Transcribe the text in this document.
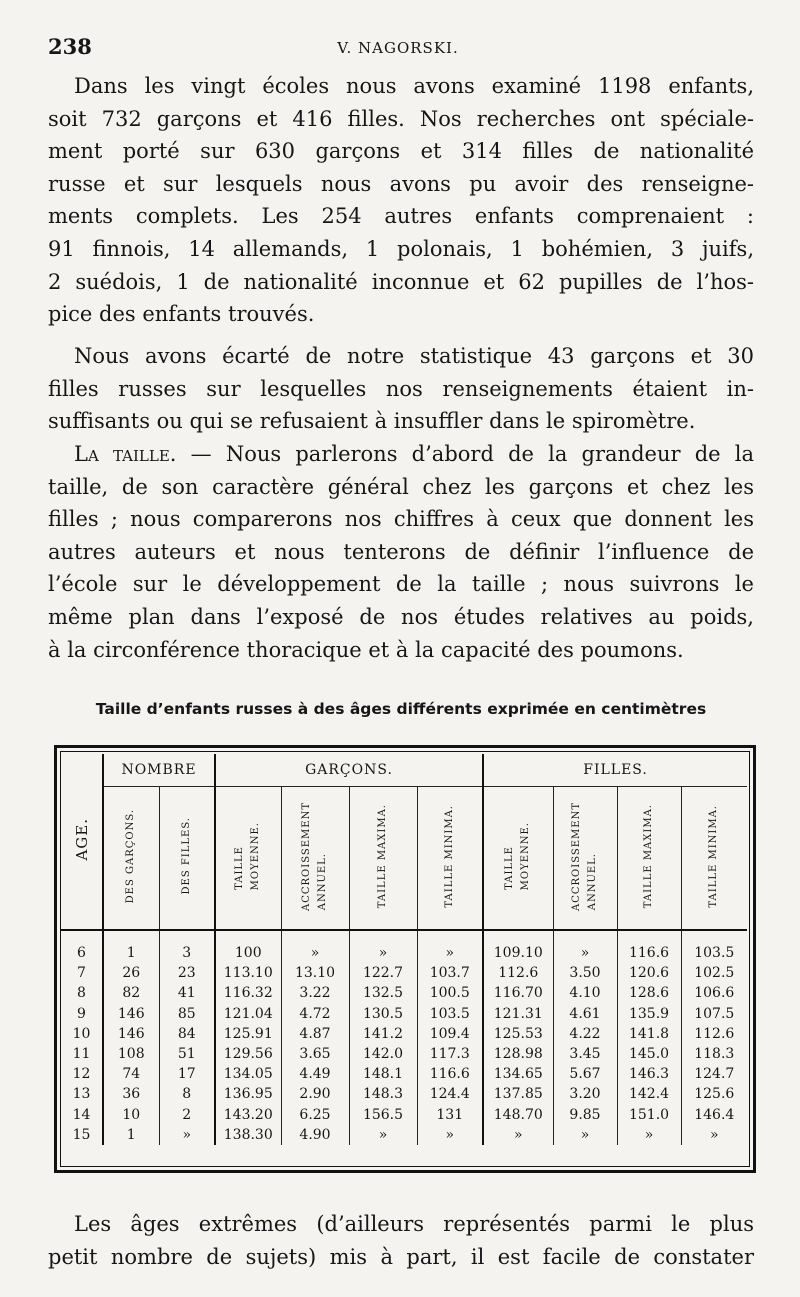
238	V. NAGORSKI.
Dans les vingt écoles nous avons examiné 1198 enfants,
soit 732 garçons et 416 filles. Nos recherches ont spéciale-
ment porté sur 630 garçons et 314 filles de nationalité
russe et sur lesquels nous avons pu avoir des renseigne-
ments complets. Les 254 autres enfants comprenaient :
91 finnois, 14 allemands, 1 polonais, 1 bohémien, 3 juifs,
2 suédois, 1 de nationalité inconnue et 62 pupilles de l’hos-
pice des enfants trouvés.
Nous avons écarté de notre statistique 43 garçons et 30
filles russes sur lesquelles nos renseignements étaient in-
suffisants ou qui se refusaient à insuffler dans le spiromètre.
La taille. — Nous parlerons d’abord de la grandeur de la
taille, de son caractère général chez les garçons et chez les
filles ; nous comparerons nos chiffres à ceux que donnent les
autres auteurs et nous tenterons de définir l’influence de
l’école sur le développement de la taille ; nous suivrons le
même plan dans l’exposé de nos études relatives au poids,
à la circonférence thoracique et à la capacité des poumons.
Taille d’enfants russes à des âges différents exprimée en centimètres
AGE.	NOMBRE		GARÇONS.				FILLES.			
	DES GARÇONS.	DES FILLES.	TAILLE MOYENNE.	ACCROISSEMENT ANNUEL.	TAILLE MAXIMA.	TAILLE MINIMA.	TAILLE MOYENNE.	ACCROISSEMENT ANNUEL.	TAILLE MAXIMA.	TAILLE MINIMA.
6	1	3	100	»	»	»	109.10	»	116.6	103.5
7	26	23	113.10	13.10	122.7	103.7	112.6	3.50	120.6	102.5
8	82	41	116.32	3.22	132.5	100.5	116.70	4.10	128.6	106.6
9	146	85	121.04	4.72	130.5	103.5	121.31	4.61	135.9	107.5
10	146	84	125.91	4.87	141.2	109.4	125.53	4.22	141.8	112.6
11	108	51	129.56	3.65	142.0	117.3	128.98	3.45	145.0	118.3
12	74	17	134.05	4.49	148.1	116.6	134.65	5.67	146.3	124.7
13	36	8	136.95	2.90	148.3	124.4	137.85	3.20	142.4	125.6
14	10	2	143.20	6.25	156.5	131	148.70	9.85	151.0	146.4
15	1	»	138.30	4.90	»	»	»	»	»	»
Les âges extrêmes (d’ailleurs représentés parmi le plus
petit nombre de sujets) mis à part, il est facile de constater
